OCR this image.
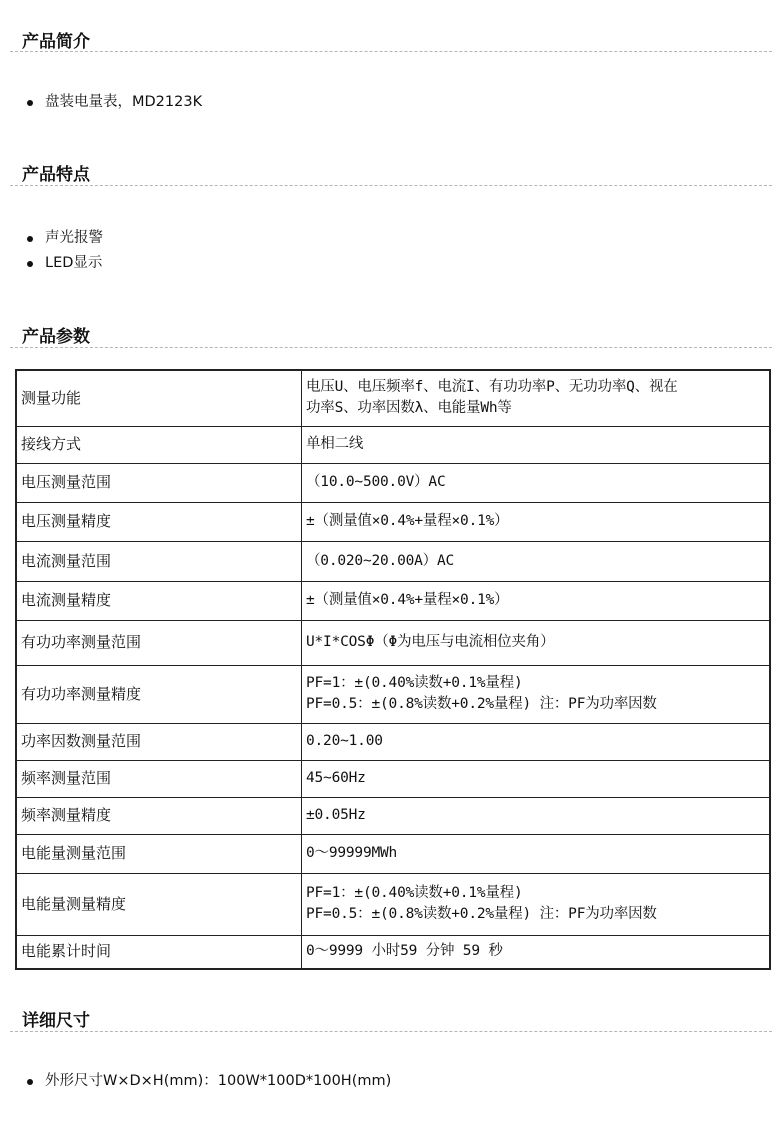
产品简介
盘装电量表，MD2123K
产品特点
声光报警
LED显示
产品参数
测量功能	电压U、电压频率f、电流I、有功功率P、无功功率Q、视在
功率S、功率因数λ、电能量Wh等

接线方式	单相二线

电压测量范围	（10.0~500.0V）AC

电压测量精度	±（测量值×0.4%+量程×0.1%）

电流测量范围	（0.020~20.00A）AC

电流测量精度	±（测量值×0.4%+量程×0.1%）

有功功率测量范围	U*I*COSΦ（Φ为电压与电流相位夹角）

有功功率测量精度	PF=1：±(0.40%读数+0.1%量程)
PF=0.5：±(0.8%读数+0.2%量程) 注：PF为功率因数

功率因数测量范围	0.20~1.00

频率测量范围	45~60Hz

频率测量精度	±0.05Hz

电能量测量范围	0～99999MWh

电能量测量精度	PF=1：±(0.40%读数+0.1%量程)
PF=0.5：±(0.8%读数+0.2%量程) 注：PF为功率因数

电能累计时间	0～9999 小时59 分钟 59 秒
详细尺寸
外形尺寸W×D×H(mm)：100W*100D*100H(mm)
